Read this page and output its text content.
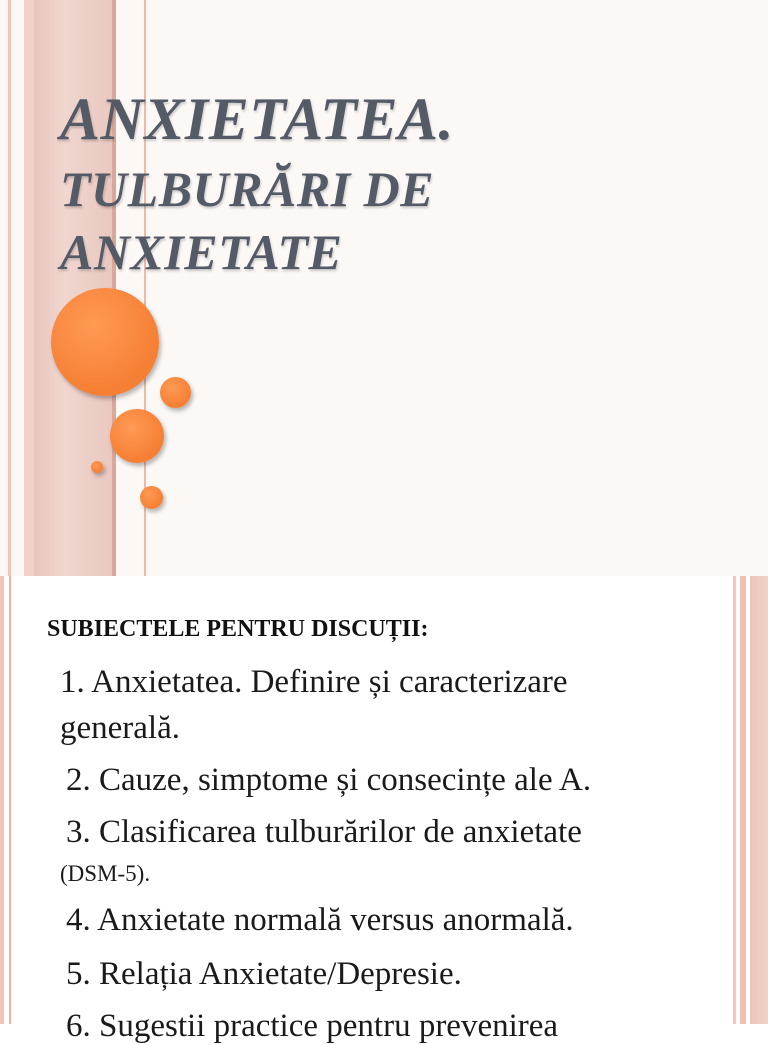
ANXIETATEA.
TULBURĂRI DE
ANXIETATE
SUBIECTELE PENTRU DISCUȚII:
1. Anxietatea. Definire și caracterizare
generală.
2. Cauze, simptome și consecințe ale A.
3. Clasificarea tulburărilor de anxietate
(DSM-5).
4. Anxietate normală versus anormală.
5. Relația Anxietate/Depresie.
6. Sugestii practice pentru prevenirea
